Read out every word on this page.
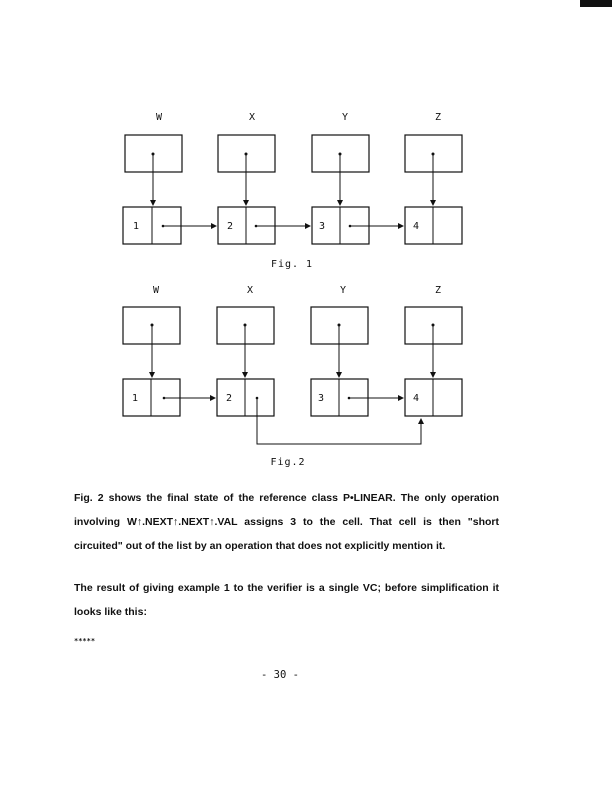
W	X	Y	Z
1	2	3	4
Fig. 1
W	X	Y	Z
1	2	3	4
Fig.2

Fig. 2 shows the final state of the reference class P•LINEAR. The only operation involving W↑.NEXT↑.NEXT↑.VAL assigns 3 to the cell. That cell is then "short circuited" out of the list by an operation that does not explicitly mention it.

The result of giving example 1 to the verifier is a single VC; before simplification it looks like this:

*****
- 30 -
